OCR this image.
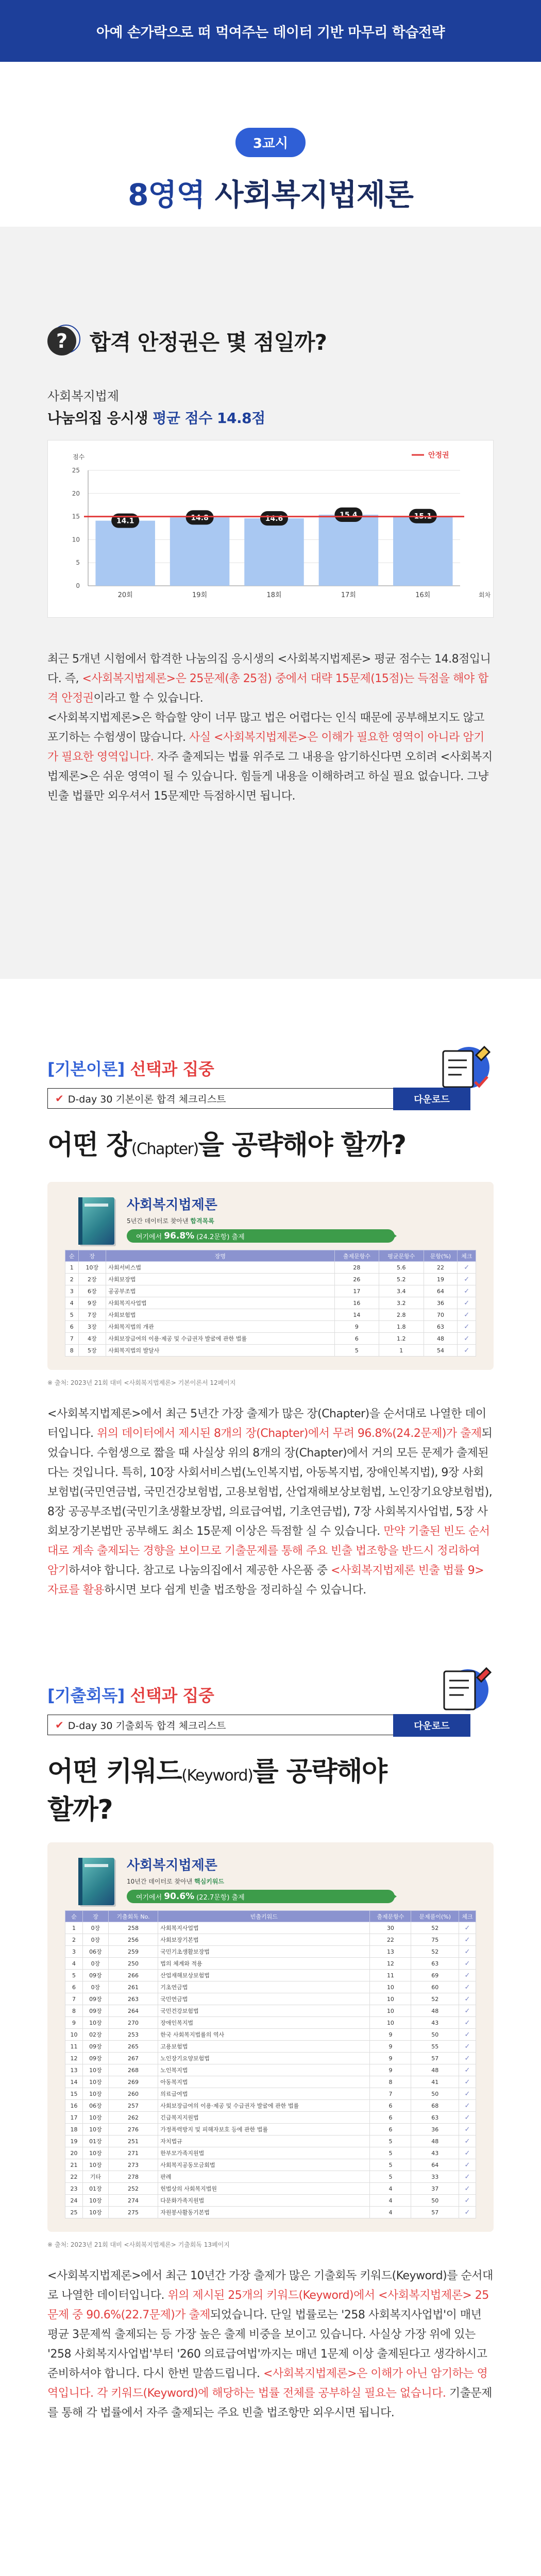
아예 손가락으로 떠 먹여주는 데이터 기반 마무리 학습전략
3교시
8영역 사회복지법제론
?	합격 안정권은 몇 점일까?
사회복지법제
나눔의집 응시생 평균 점수 14.8점
점수
0
5
10
15
20
25
14.1
20회
14.8
19회
14.6
18회
15.4
17회
15.1
16회
안정권
회차
최근 5개년 시험에서 합격한 나눔의집 응시생의 <사회복지법제론> 평균 점수는 14.8점입니다. 즉, <사회복지법제론>은 25문제(총 25점) 중에서 대략 15문제(15점)는 득점을 해야 합격 안정권이라고 할 수 있습니다.
<사회복지법제론>은 학습할 양이 너무 많고 법은 어렵다는 인식 때문에 공부해보지도 않고 포기하는 수험생이 많습니다. 사실 <사회복지법제론>은 이해가 필요한 영역이 아니라 암기가 필요한 영역입니다. 자주 출제되는 법률 위주로 그 내용을 암기하신다면 오히려 <사회복지법제론>은 쉬운 영역이 될 수 있습니다. 힘들게 내용을 이해하려고 하실 필요 없습니다. 그냥 빈출 법률만 외우셔서 15문제만 득점하시면 됩니다.
[기본이론] 선택과 집중
✔ D-day 30 기본이론 합격 체크리스트	다운로드
어떤 장(Chapter)을 공략해야 할까?
사회복지법제론
5년간 데이터로 찾아낸 합격목록
여기에서 96.8% (24.2문항) 출제
순	장	장명	출제문항수	평균문항수	문항(%)	체크
1	10장	사회서비스법	28	5.6	22	✓
2	2장	사회보장법	26	5.2	19	✓
3	6장	공공부조법	17	3.4	64	✓
4	9장	사회복지사업법	16	3.2	36	✓
5	7장	사회보험법	14	2.8	70	✓
6	3장	사회복지법의 개관	9	1.8	63	✓
7	4장	사회보장급여의 이용·제공 및 수급권자 발굴에 관한 법률	6	1.2	48	✓
8	5장	사회복지법의 발달사	5	1	54	✓
※ 출처: 2023년 21회 대비 <사회복지법제론> 기본이론서 12페이지
<사회복지법제론>에서 최근 5년간 가장 출제가 많은 장(Chapter)을 순서대로 나열한 데이터입니다. 위의 데이터에서 제시된 8개의 장(Chapter)에서 무려 96.8%(24.2문제)가 출제되었습니다. 수험생으로 짧을 때 사실상 위의 8개의 장(Chapter)에서 거의 모든 문제가 출제된다는 것입니다. 특히, 10장 사회서비스법(노인복지법, 아동복지법, 장애인복지법), 9장 사회보험법(국민연금법, 국민건강보험법, 고용보험법, 산업재해보상보험법, 노인장기요양보험법), 8장 공공부조법(국민기초생활보장법, 의료급여법, 기초연금법), 7장 사회복지사업법, 5장 사회보장기본법만 공부해도 최소 15문제 이상은 득점할 실 수 있습니다. 만약 기출된 빈도 순서대로 계속 출제되는 경향을 보이므로 기출문제를 통해 주요 빈출 법조항을 반드시 정리하여 암기하셔야 합니다. 참고로 나눔의집에서 제공한 사은품 중 <사회복지법제론 빈출 법률 9> 자료를 활용하시면 보다 쉽게 빈출 법조항을 정리하실 수 있습니다.
[기출회독] 선택과 집중
✔ D-day 30 기출회독 합격 체크리스트	다운로드
어떤 키워드(Keyword)를 공략해야
할까?
사회복지법제론
10년간 데이터로 찾아낸 핵심키워드
여기에서 90.6% (22.7문항) 출제
순	장	기출회독 No.	빈출키워드	출제문항수	문제풀이(%)	체크
1	0장	258	사회복지사업법	30	52	✓
2	0장	256	사회보장기본법	22	75	✓
3	06장	259	국민기초생활보장법	13	52	✓
4	0장	250	법의 체계와 적용	12	63	✓
5	09장	266	산업재해보상보험법	11	69	✓
6	0장	261	기초연금법	10	60	✓
7	09장	263	국민연금법	10	52	✓
8	09장	264	국민건강보험법	10	48	✓
9	10장	270	장애인복지법	10	43	✓
10	02장	253	한국 사회복지법률의 역사	9	50	✓
11	09장	265	고용보험법	9	55	✓
12	09장	267	노인장기요양보험법	9	57	✓
13	10장	268	노인복지법	9	48	✓
14	10장	269	아동복지법	8	41	✓
15	10장	260	의료급여법	7	50	✓
16	06장	257	사회보장급여의 이용·제공 및 수급권자 발굴에 관한 법률	6	68	✓
17	10장	262	긴급복지지원법	6	63	✓
18	10장	276	가정폭력방지 및 피해자보호 등에 관한 법률	6	36	✓
19	01장	251	자치법규	5	48	✓
20	10장	271	한부모가족지원법	5	43	✓
21	10장	273	사회복지공동모금회법	5	64	✓
22	기타	278	판례	5	33	✓
23	01장	252	헌법상의 사회복지법원	4	37	✓
24	10장	274	다문화가족지원법	4	50	✓
25	10장	275	자원봉사활동기본법	4	57	✓
※ 출처: 2023년 21회 대비 <사회복지법제론> 기출회독 13페이지
<사회복지법제론>에서 최근 10년간 가장 출제가 많은 기출회독 키워드(Keyword)를 순서대로 나열한 데이터입니다. 위의 제시된 25개의 키워드(Keyword)에서 <사회복지법제론> 25문제 중 90.6%(22.7문제)가 출제되었습니다. 단일 법률로는 '258 사회복지사업법'이 매년 평균 3문제씩 출제되는 등 가장 높은 출제 비중을 보이고 있습니다. 사실상 가장 위에 있는 '258 사회복지사업법'부터 '260 의료급여법'까지는 매년 1문제 이상 출제된다고 생각하시고 준비하셔야 합니다. 다시 한번 말씀드립니다. <사회복지법제론>은 이해가 아닌 암기하는 영역입니다. 각 키워드(Keyword)에 해당하는 법률 전체를 공부하실 필요는 없습니다. 기출문제를 통해 각 법률에서 자주 출제되는 주요 빈출 법조항만 외우시면 됩니다.
